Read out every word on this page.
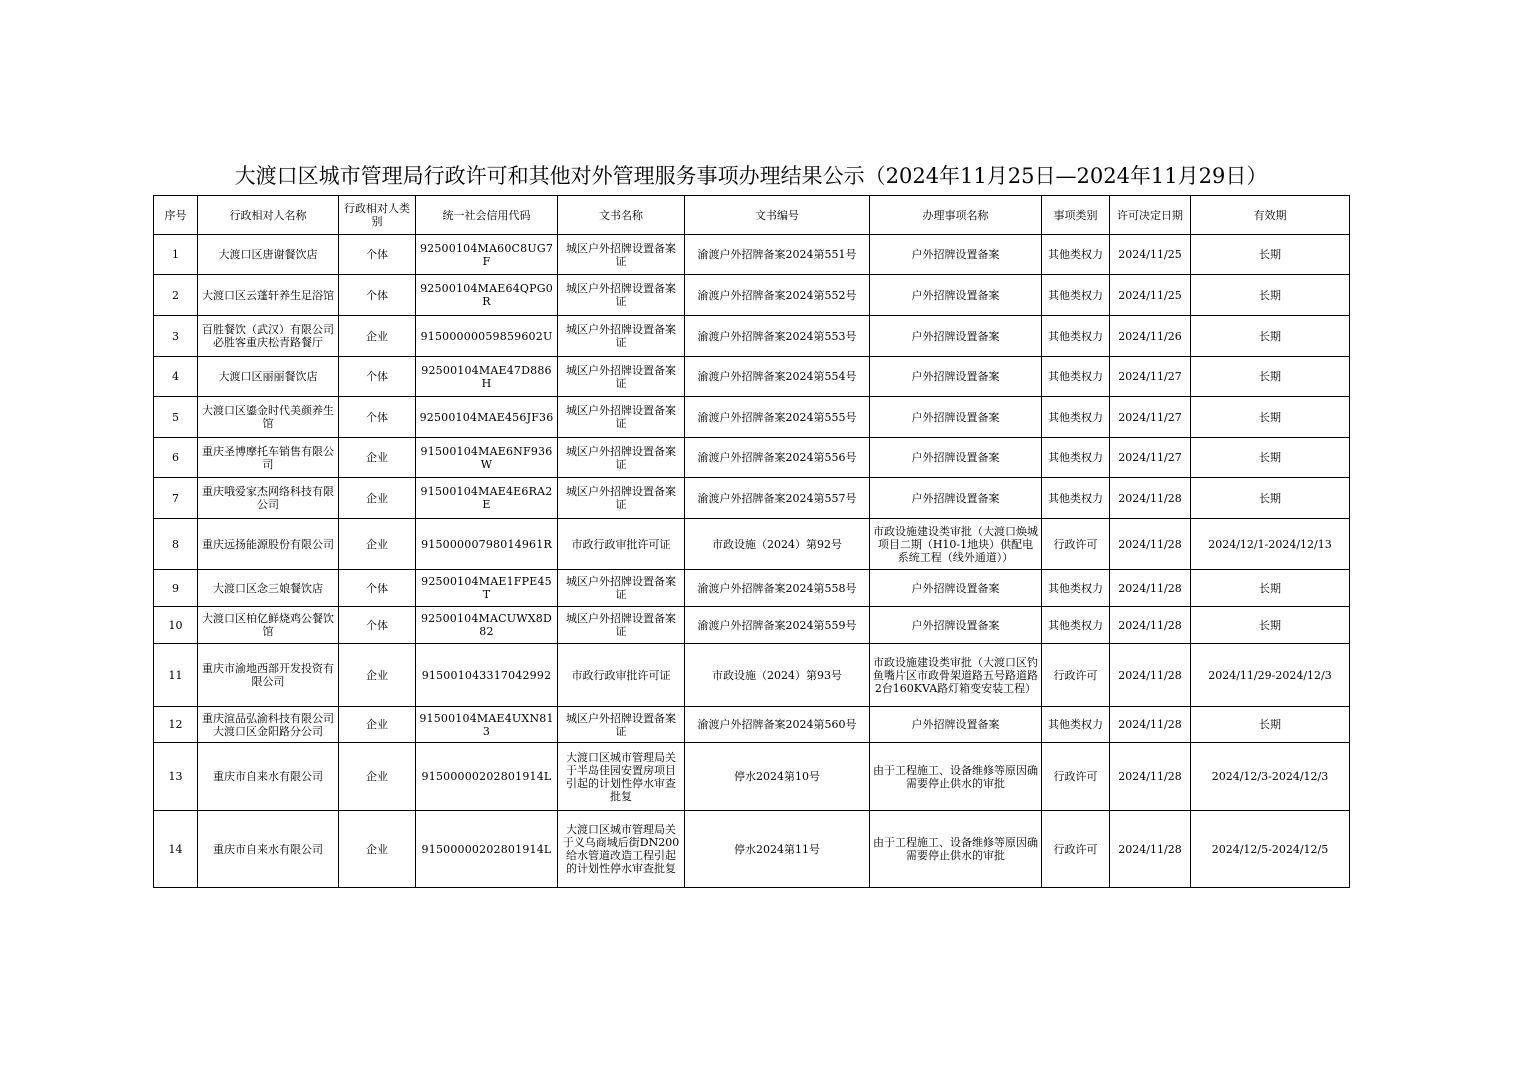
大渡口区城市管理局行政许可和其他对外管理服务事项办理结果公示（2024年11月25日—2024年11月29日）
序号	行政相对人名称	行政相对人类别	统一社会信用代码	文书名称	文书编号	办理事项名称	事项类别	许可决定日期	有效期

1	大渡口区唐谢餐饮店	个体	92500104MA60C8UG7F	城区户外招牌设置备案证	渝渡户外招牌备案2024第551号	户外招牌设置备案	其他类权力	2024/11/25	长期

2	大渡口区云蓬轩养生足浴馆	个体	92500104MAE64QPG0R	城区户外招牌设置备案证	渝渡户外招牌备案2024第552号	户外招牌设置备案	其他类权力	2024/11/25	长期

3	百胜餐饮（武汉）有限公司必胜客重庆松青路餐厅	企业	91500000059859602U	城区户外招牌设置备案证	渝渡户外招牌备案2024第553号	户外招牌设置备案	其他类权力	2024/11/26	长期

4	大渡口区丽丽餐饮店	个体	92500104MAE47D886H	城区户外招牌设置备案证	渝渡户外招牌备案2024第554号	户外招牌设置备案	其他类权力	2024/11/27	长期

5	大渡口区鎏金时代美颜养生馆	个体	92500104MAE456JF36	城区户外招牌设置备案证	渝渡户外招牌备案2024第555号	户外招牌设置备案	其他类权力	2024/11/27	长期

6	重庆圣博摩托车销售有限公司	企业	91500104MAE6NF936W	城区户外招牌设置备案证	渝渡户外招牌备案2024第556号	户外招牌设置备案	其他类权力	2024/11/27	长期

7	重庆哦爱家杰网络科技有限公司	企业	91500104MAE4E6RA2E	城区户外招牌设置备案证	渝渡户外招牌备案2024第557号	户外招牌设置备案	其他类权力	2024/11/28	长期

8	重庆远扬能源股份有限公司	企业	91500000798014961R	市政行政审批许可证	市政设施（2024）第92号	市政设施建设类审批（大渡口焕城项目二期（H10-1地块）供配电系统工程（线外通道））	行政许可	2024/11/28	2024/12/1-2024/12/13

9	大渡口区念三娘餐饮店	个体	92500104MAE1FPE45T	城区户外招牌设置备案证	渝渡户外招牌备案2024第558号	户外招牌设置备案	其他类权力	2024/11/28	长期

10	大渡口区柏亿鲜烧鸡公餐饮馆	个体	92500104MACUWX8D82	城区户外招牌设置备案证	渝渡户外招牌备案2024第559号	户外招牌设置备案	其他类权力	2024/11/28	长期

11	重庆市渝地西部开发投资有限公司	企业	915001043317042992	市政行政审批许可证	市政设施（2024）第93号	市政设施建设类审批（大渡口区钓鱼嘴片区市政骨架道路五号路道路2台160KVA路灯箱变安装工程）	行政许可	2024/11/28	2024/11/29-2024/12/3

12	重庆渲品弘渝科技有限公司大渡口区金阳路分公司	企业	91500104MAE4UXN813	城区户外招牌设置备案证	渝渡户外招牌备案2024第560号	户外招牌设置备案	其他类权力	2024/11/28	长期

13	重庆市自来水有限公司	企业	91500000202801914L	大渡口区城市管理局关于半岛佳园安置房项目引起的计划性停水审查批复	停水2024第10号	由于工程施工、设备维修等原因确需要停止供水的审批	行政许可	2024/11/28	2024/12/3-2024/12/3

14	重庆市自来水有限公司	企业	91500000202801914L	大渡口区城市管理局关于义乌商城后街DN200给水管道改造工程引起的计划性停水审查批复	停水2024第11号	由于工程施工、设备维修等原因确需要停止供水的审批	行政许可	2024/11/28	2024/12/5-2024/12/5
